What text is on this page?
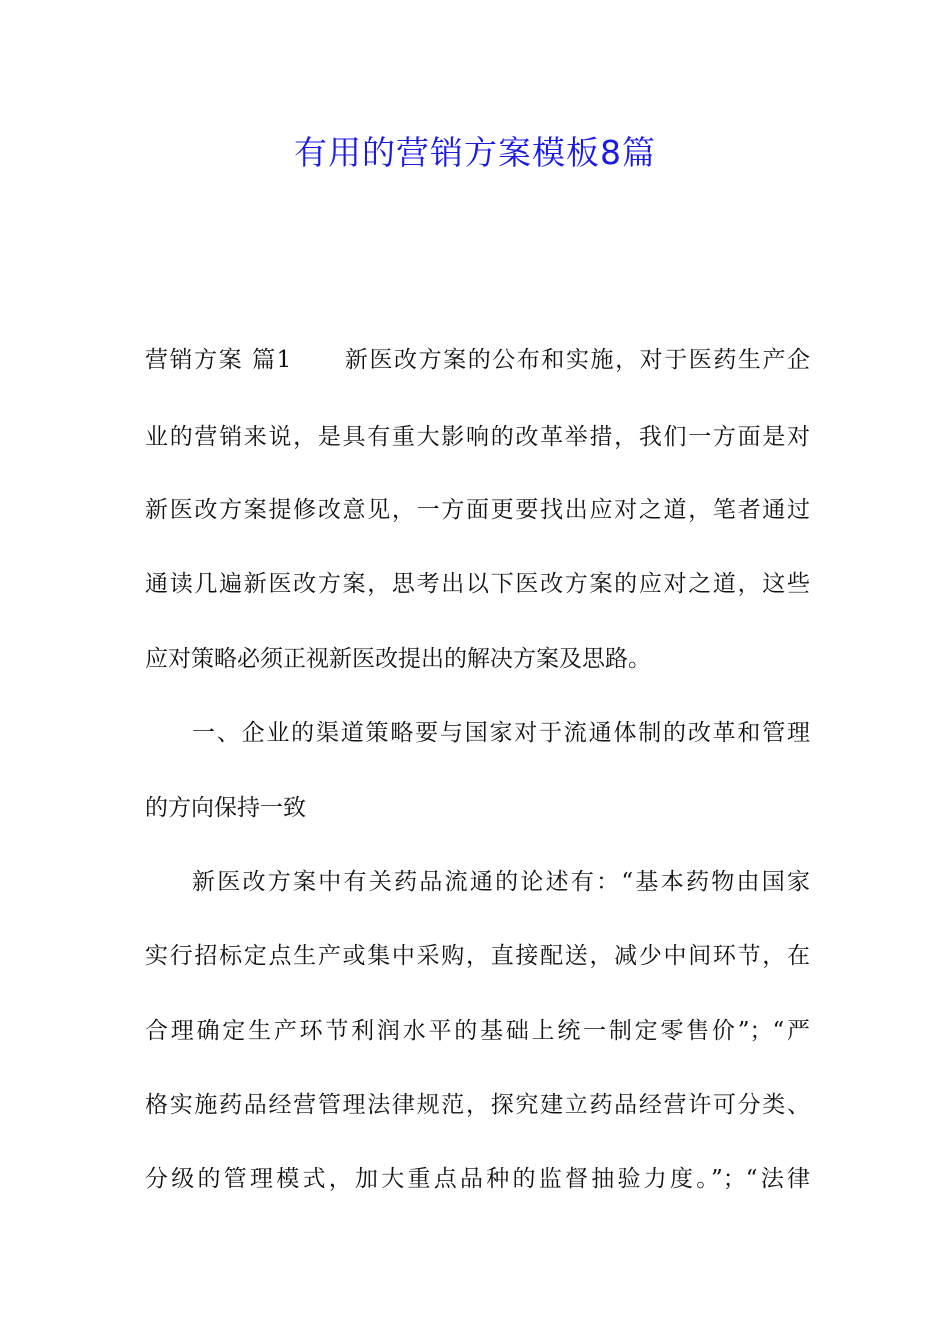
有用的营销方案模板8篇
营销方案 篇1 新医改方案的公布和实施，对于医药生产企
业的营销来说，是具有重大影响的改革举措，我们一方面是对
新医改方案提修改意见，一方面更要找出应对之道，笔者通过
通读几遍新医改方案，思考出以下医改方案的应对之道，这些
应对策略必须正视新医改提出的解决方案及思路。
一、企业的渠道策略要与国家对于流通体制的改革和管理
的方向保持一致
新医改方案中有关药品流通的论述有：“基本药物由国家
实行招标定点生产或集中采购，直接配送，减少中间环节，在
合理确定生产环节利润水平的基础上统一制定零售价”；“严
格实施药品经营管理法律规范，探究建立药品经营许可分类、
分级的管理模式，加大重点品种的监督抽验力度。”；“法律
